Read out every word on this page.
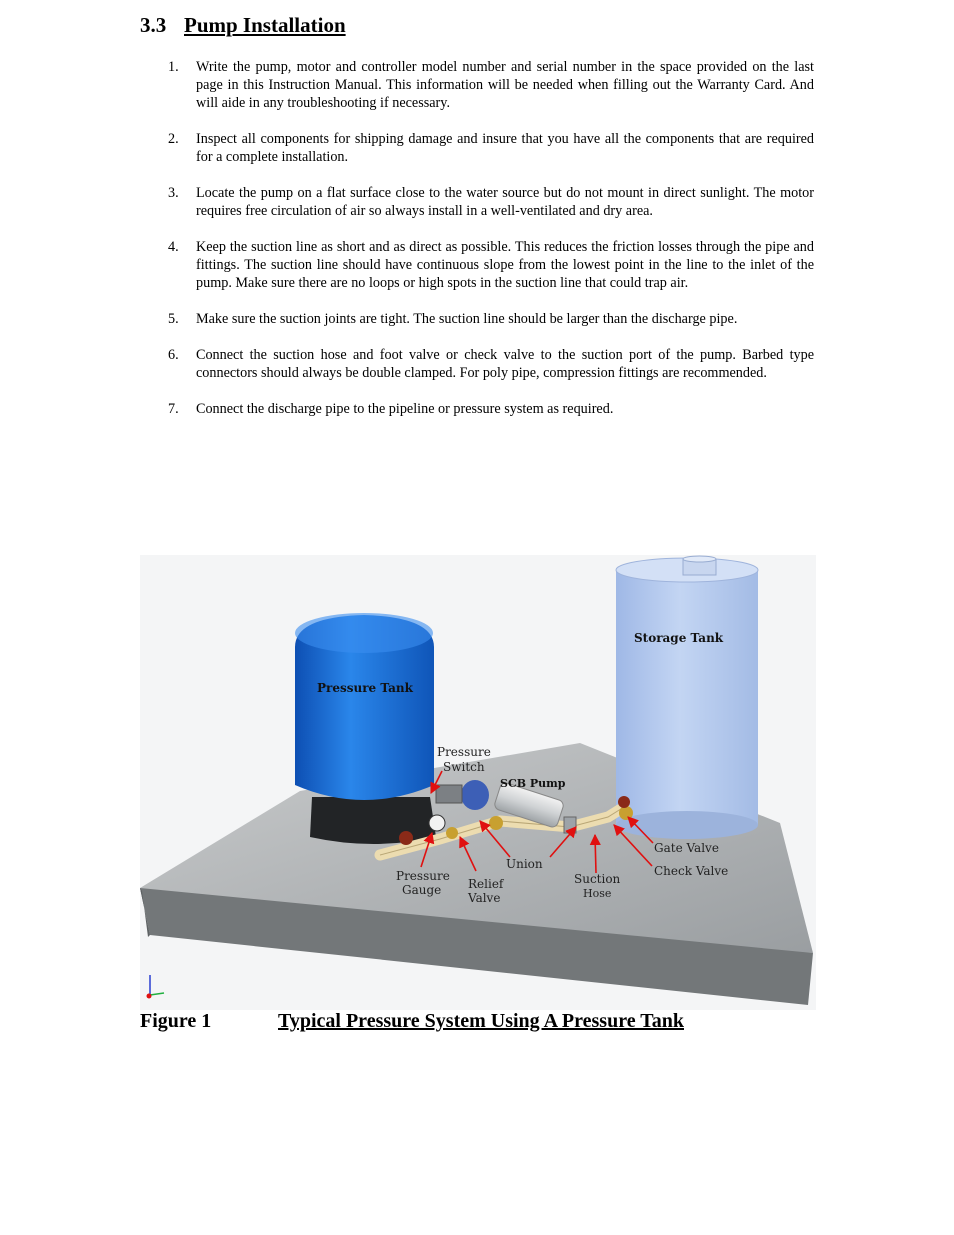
3.3 Pump Installation
1. Write the pump, motor and controller model number and serial number in the space provided on the last page in this Instruction Manual. This information will be needed when filling out the Warranty Card. And will aide in any troubleshooting if necessary.
2. Inspect all components for shipping damage and insure that you have all the components that are required for a complete installation.
3. Locate the pump on a flat surface close to the water source but do not mount in direct sunlight. The motor requires free circulation of air so always install in a well-ventilated and dry area.
4. Keep the suction line as short and as direct as possible. This reduces the friction losses through the pipe and fittings. The suction line should have continuous slope from the lowest point in the line to the inlet of the pump. Make sure there are no loops or high spots in the suction line that could trap air.
5. Make sure the suction joints are tight. The suction line should be larger than the discharge pipe.
6. Connect the suction hose and foot valve or check valve to the suction port of the pump. Barbed type connectors should always be double clamped. For poly pipe, compression fittings are recommended.
7. Connect the discharge pipe to the pipeline or pressure system as required.
Storage Tank
Pressure Tank
Pressure
Switch
SCB Pump
Gate Valve
Check Valve
Union
Pressure
Gauge Relief
Valve
Suction
Hose
Figure 1	Typical Pressure System Using A Pressure Tank
